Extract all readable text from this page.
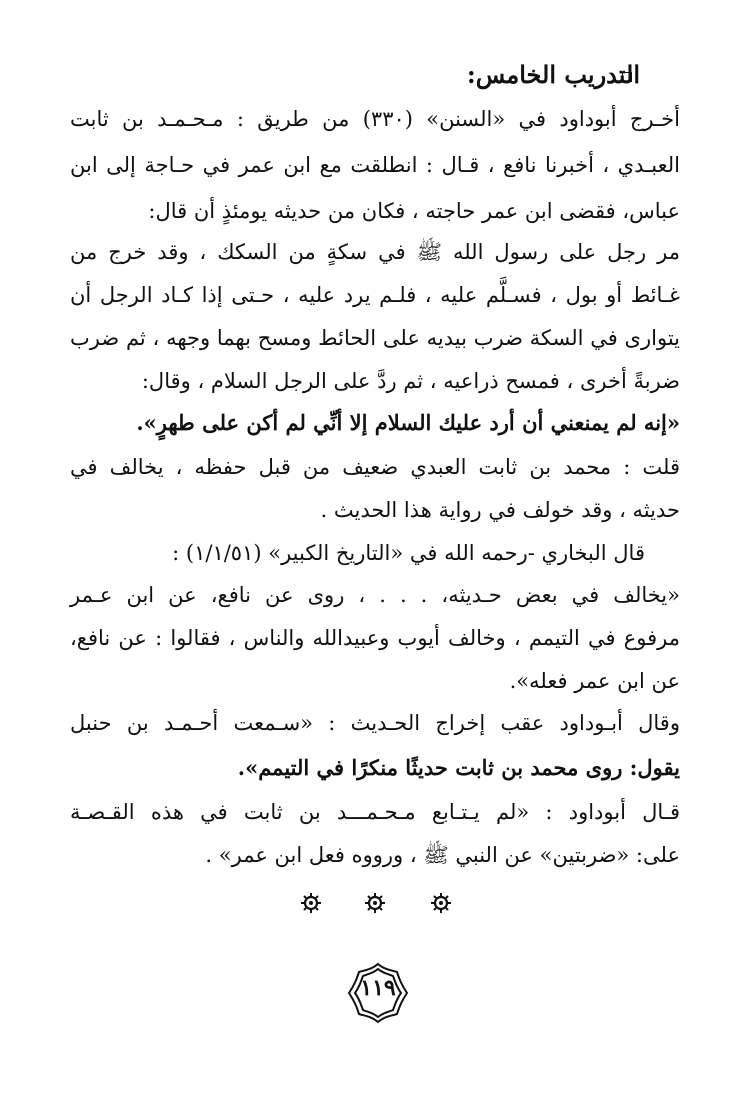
التدريب الخامس:
أخـرج أبوداود في «السنن» (٣٣٠) من طريق : مـحـمـد بن ثابت
العبـدي ، أخبرنا نافع ، قـال : انطلقت مع ابن عمر في حـاجة إلى ابن
عباس، فقضى ابن عمر حاجته ، فكان من حديثه يومئذٍ أن قال:
مر رجل على رسول الله ﷺ في سكةٍ من السكك ، وقد خرج من
غـائط أو بول ، فسـلَّم عليه ، فلـم يرد عليه ، حـتى إذا كـاد الرجل أن
يتوارى في السكة ضرب بيديه على الحائط ومسح بهما وجهه ، ثم ضرب
ضربةً أخرى ، فمسح ذراعيه ، ثم ردَّ على الرجل السلام ، وقال:
«إنه لم يمنعني أن أرد عليك السلام إلا أنِّي لم أكن على طهرٍ».
قلت : محمد بن ثابت العبدي ضعيف من قبل حفظه ، يخالف في
حديثه ، وقد خولف في رواية هذا الحديث .
قال البخاري -رحمه الله في «التاريخ الكبير» (١/١/٥١) :
«يخالف في بعض حـديثه، . . . ، روى عن نافع، عن ابن عـمر
مرفوع في التيمم ، وخالف أيوب وعبيدالله والناس ، فقالوا : عن نافع،
عن ابن عمر فعله».
وقال أبـوداود عقب إخراج الحـديث : «سـمعت أحـمـد بن حنبل
يقول: روى محمد بن ثابت حديثًا منكرًا في التيمم».
قـال أبوداود : «لم يـتـابع مـحـمـــد بن ثابت في هذه القـصـة
على: «ضربتين» عن النبي ﷺ ، ورووه فعل ابن عمر» .
١١٩
